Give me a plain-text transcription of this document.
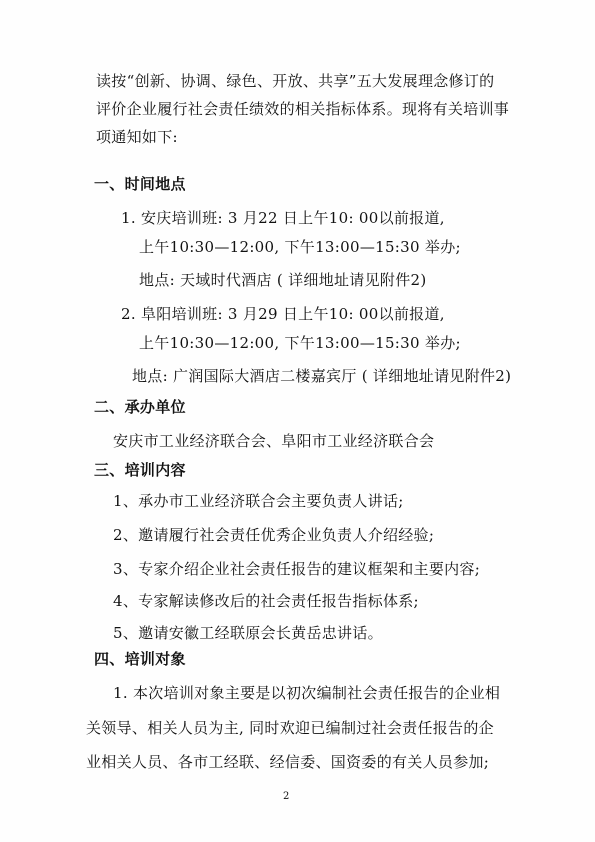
读按“创新、协调、绿色、开放、共享”五大发展理念修订的
评价企业履行社会责任绩效的相关指标体系。现将有关培训事
项通知如下:
一、时间地点
1. 安庆培训班: 3 月22 日上午10: 00以前报道,
上午10:30—12:00, 下午13:00—15:30 举办;
地点: 天域时代酒店 ( 详细地址请见附件2)
2. 阜阳培训班: 3 月29 日上午10: 00以前报道,
上午10:30—12:00, 下午13:00—15:30 举办;
地点: 广润国际大酒店二楼嘉宾厅 ( 详细地址请见附件2)
二、承办单位
安庆市工业经济联合会、阜阳市工业经济联合会
三、培训内容
1、承办市工业经济联合会主要负责人讲话;
2、邀请履行社会责任优秀企业负责人介绍经验;
3、专家介绍企业社会责任报告的建议框架和主要内容;
4、专家解读修改后的社会责任报告指标体系;
5、邀请安徽工经联原会长黄岳忠讲话。
四、培训对象
1. 本次培训对象主要是以初次编制社会责任报告的企业相
关领导、相关人员为主, 同时欢迎已编制过社会责任报告的企
业相关人员、各市工经联、经信委、国资委的有关人员参加;
2
